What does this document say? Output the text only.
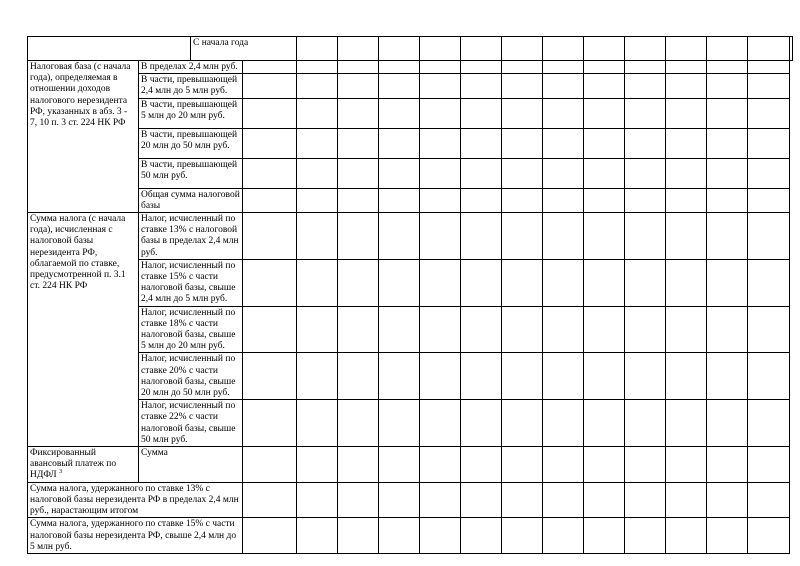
		С начала года														
Налоговая база (с начала года), определяемая в отношении доходов налогового нерезидента РФ, указанных в абз. 3 - 7, 10 п. 3 ст. 224 НК РФ	В пределах 2,4 млн руб.															
	В части, превышающей 2,4 млн до 5 млн руб.															
	В части, превышающей 5 млн до 20 млн руб.															
	В части, превышающей 20 млн до 50 млн руб.															
	В части, превышающей 50 млн руб.															
	Общая сумма налоговой базы															
Сумма налога (с начала года), исчисленная с налоговой базы нерезидента РФ, облагаемой по ставке, предусмотренной п. 3.1 ст. 224 НК РФ	Налог, исчисленный по ставке 13% с налоговой базы в пределах 2,4 млн руб.															
	Налог, исчисленный по ставке 15% с части налоговой базы, свыше 2,4 млн до 5 млн руб.															
	Налог, исчисленный по ставке 18% с части налоговой базы, свыше 5 млн до 20 млн руб.															
	Налог, исчисленный по ставке 20% с части налоговой базы, свыше 20 млн до 50 млн руб.															
	Налог, исчисленный по ставке 22% с части налоговой базы, свыше 50 млн руб.															
Фиксированный авансовый платеж по НДФЛ $^3$	Сумма															
Сумма налога, удержанного по ставке 13% с налоговой базы нерезидента РФ в пределах 2,4 млн руб., нарастающим итогом																
Сумма налога, удержанного по ставке 15% с части налоговой базы нерезидента РФ, свыше 2,4 млн до 5 млн руб.																
